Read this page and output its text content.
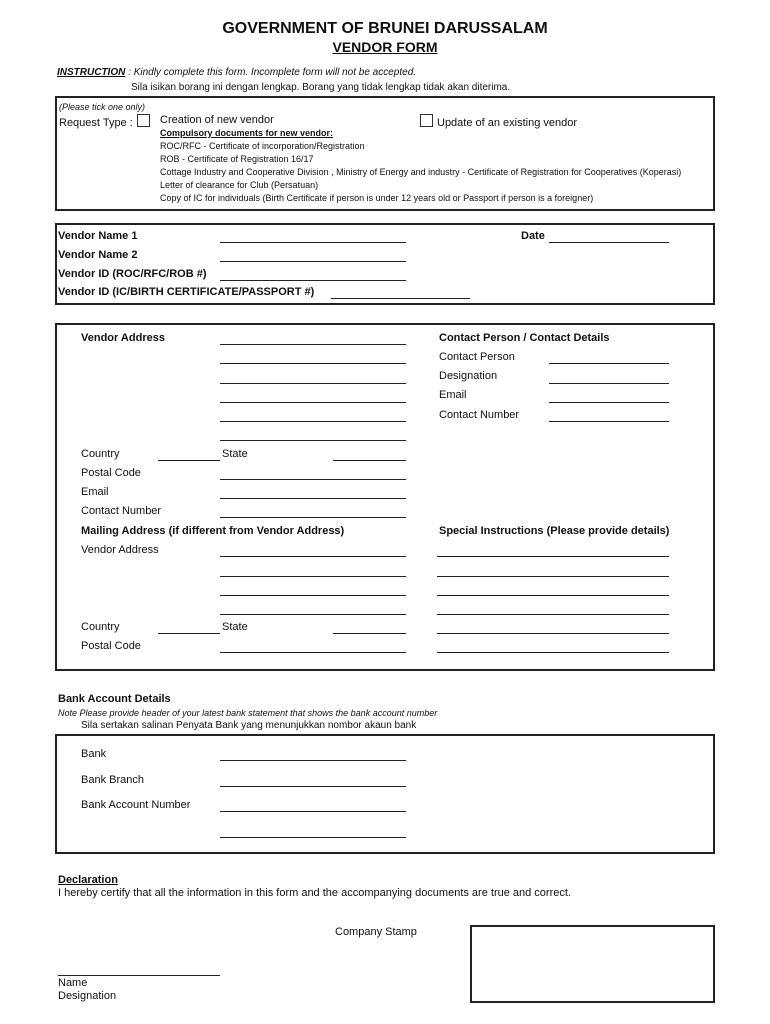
GOVERNMENT OF BRUNEI DARUSSALAM
VENDOR FORM
INSTRUCTION : Kindly complete this form. Incomplete form will not be accepted.
Sila isikan borang ini dengan lengkap. Borang yang tidak lengkap tidak akan diterima.
(Please tick one only)
Request Type :	Creation of new vendor	Update of an existing vendor
Compulsory documents for new vendor:
ROC/RFC - Certificate of incorporation/Registration
ROB - Certificate of Registration 16/17
Cottage Industry and Cooperative Division , Ministry of Energy and industry - Certificate of Registration for Cooperatives (Koperasi)
Letter of clearance for Club (Persatuan)
Copy of IC for individuals (Birth Certificate if person is under 12 years old or Passport if person is a foreigner)
Vendor Name 1	Date
Vendor Name 2
Vendor ID (ROC/RFC/ROB #)
Vendor ID (IC/BIRTH CERTIFICATE/PASSPORT #)
Vendor Address
Country	State
Postal Code
Email
Contact Number
Mailing Address (if different from Vendor Address)
Vendor Address
Country	State
Postal Code
Contact Person / Contact Details
Contact Person
Designation
Email
Contact Number
Special Instructions (Please provide details)
Bank Account Details
Note Please provide header of your latest bank statement that shows the bank account number
Sila sertakan salinan Penyata Bank yang menunjukkan nombor akaun bank
Bank
Bank Branch
Bank Account Number
Declaration
I hereby certify that all the information in this form and the accompanying documents are true and correct.
Company Stamp
Name
Designation
